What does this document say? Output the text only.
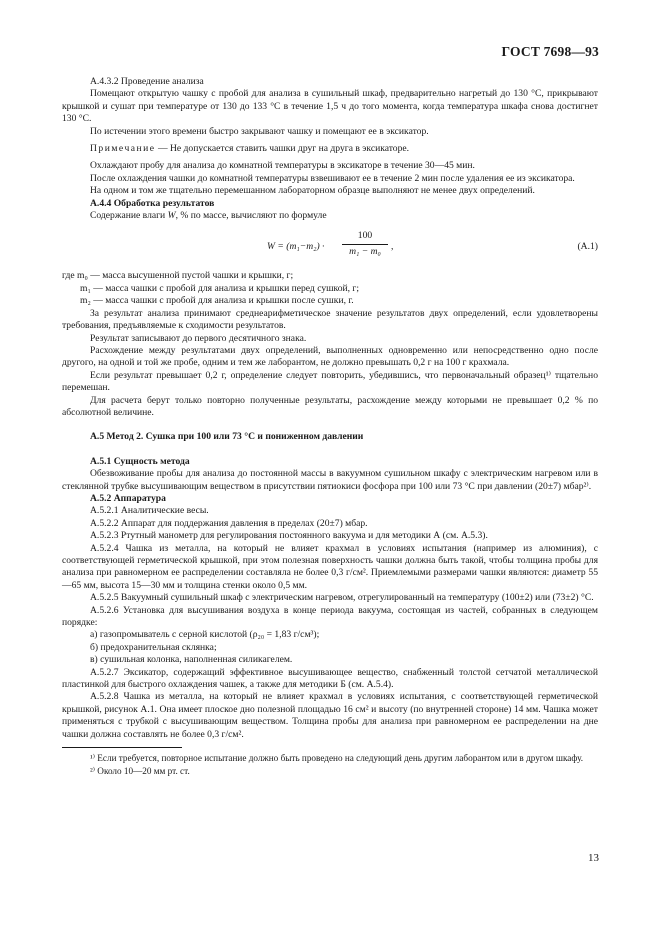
ГОСТ 7698—93

А.4.3.2 Проведение анализа

Помещают открытую чашку с пробой для анализа в сушильный шкаф, предварительно нагретый до 130 °С, прикрывают крышкой и сушат при температуре от 130 до 133 °С в течение 1,5 ч до того момента, когда температура шкафа снова достигнет 130 °С.

По истечении этого времени быстро закрывают чашку и помещают ее в эксикатор.

Примечание — Не допускается ставить чашки друг на друга в эксикаторе.

Охлаждают пробу для анализа до комнатной температуры в эксикаторе в течение 30—45 мин.

После охлаждения чашки до комнатной температуры взвешивают ее в течение 2 мин после удаления ее из эксикатора.

На одном и том же тщательно перемешанном лабораторном образце выполняют не менее двух определений.

А.4.4 Обработка результатов

Содержание влаги W, % по массе, вычисляют по формуле

$W = (m_1-m_2) \cdot \frac{100}{\text{m₁ − m₀}}$ ,	(А.1)

где m₀ — масса высушенной пустой чашки и крышки, г;

m₁ — масса чашки с пробой для анализа и крышки перед сушкой, г;

m₂ — масса чашки с пробой для анализа и крышки после сушки, г.

За результат анализа принимают среднеарифметическое значение результатов двух определений, если удовлетворены требования, предъявляемые к сходимости результатов.

Результат записывают до первого десятичного знака.

Расхождение между результатами двух определений, выполненных одновременно или непосредственно одно после другого, на одной и той же пробе, одним и тем же лаборантом, не должно превышать 0,2 г на 100 г крахмала.

Если результат превышает 0,2 г, определение следует повторить, убедившись, что первоначальный образец¹⁾ тщательно перемешан.

Для расчета берут только повторно полученные результаты, расхождение между которыми не превышает 0,2 % по абсолютной величине.

А.5 Метод 2. Сушка при 100 или 73 °С и пониженном давлении

А.5.1 Сущность метода

Обезвоживание пробы для анализа до постоянной массы в вакуумном сушильном шкафу с электрическим нагревом или в стеклянной трубке высушивающим веществом в присутствии пятиокиси фосфора при 100 или 73 °С при давлении (20±7) мбар²⁾.

А.5.2 Аппаратура

А.5.2.1 Аналитические весы.

А.5.2.2 Аппарат для поддержания давления в пределах (20±7) мбар.

А.5.2.3 Ртутный манометр для регулирования постоянного вакуума и для методики А (см. А.5.3).

А.5.2.4 Чашка из металла, на который не влияет крахмал в условиях испытания (например из алюминия), с соответствующей герметической крышкой, при этом полезная поверхность чашки должна быть такой, чтобы толщина пробы для анализа при равномерном ее распределении составляла не более 0,3 г/см². Приемлемыми размерами чашки являются: диаметр 55—65 мм, высота 15—30 мм и толщина стенки около 0,5 мм.

А.5.2.5 Вакуумный сушильный шкаф с электрическим нагревом, отрегулированный на температуру (100±2) или (73±2) °С.

А.5.2.6 Установка для высушивания воздуха в конце периода вакуума, состоящая из частей, собранных в следующем порядке:

а) газопромыватель с серной кислотой (ρ₂₀ = 1,83 г/см³);

б) предохранительная склянка;

в) сушильная колонка, наполненная силикагелем.

А.5.2.7 Эксикатор, содержащий эффективное высушивающее вещество, снабженный толстой сетчатой металлической пластинкой для быстрого охлаждения чашек, а также для методики Б (см. А.5.4).

А.5.2.8 Чашка из металла, на который не влияет крахмал в условиях испытания, с соответствующей герметической крышкой, рисунок А.1. Она имеет плоское дно полезной площадью 16 см² и высоту (по внутренней стороне) 14 мм. Чашка может применяться с трубкой с высушивающим веществом. Толщина пробы для анализа при равномерном ее распределении на дне чашки должна составлять не более 0,3 г/см².

¹⁾ Если требуется, повторное испытание должно быть проведено на следующий день другим лаборантом или в другом шкафу.

²⁾ Около 10—20 мм рт. ст.

13
